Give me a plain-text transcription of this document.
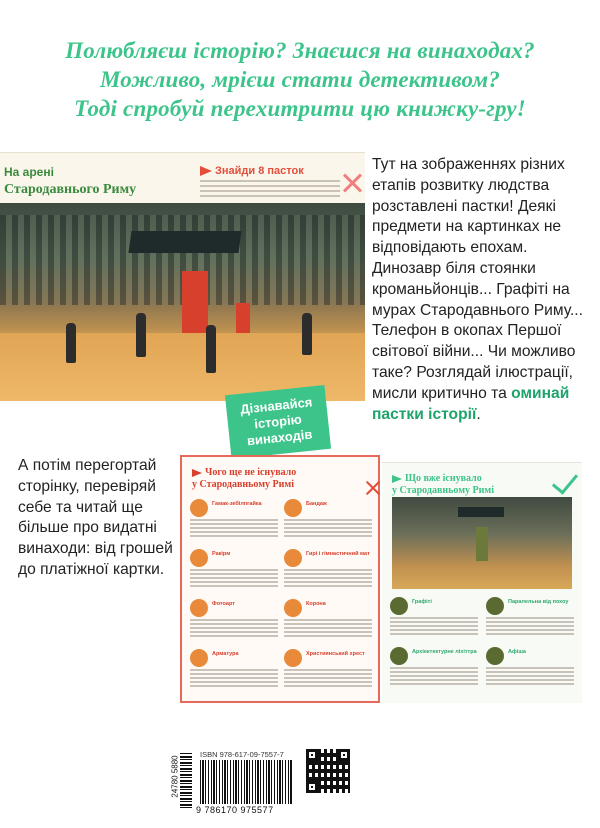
Полюбляєш історію? Знаєшся на винаходах?
Можливо, мрієш стати детективом?
Тоді спробуй перехитрити цю книжку-гру!
На арені
Стародавнього Риму
Знайди 8 пасток
Дізнавайся історію винаходів
Тут на зображеннях різних етапів розвитку людства розставлені пастки! Деякі предмети на картинках не відповідають епохам. Динозавр біля стоянки кроманьйонців... Графіті на мурах Стародавнього Риму... Телефон в окопах Першої світової війни... Чи можливо таке? Розглядай ілюстрації, мисли критично та оминай пастки історії.
А потім перегортай сторінку, перевіряй себе та читай ще більше про видатні винаходи: від грошей до платіжної картки.
Чого ще не існувало
у Стародавньому Римі
Гамак-зебілпгайка	Бандаж
Ракірм	Гирі і гімнастичний мат
Фотоарт	Корона
Арматура	Християнський хрест
Що вже існувало
у Стародавньому Римі
Графіті	Паралельна від похоу
Архіектектурне ліхіттра	Афіша
24780 5880
ISBN 978-617-09-7557-7
9 786170 975577
